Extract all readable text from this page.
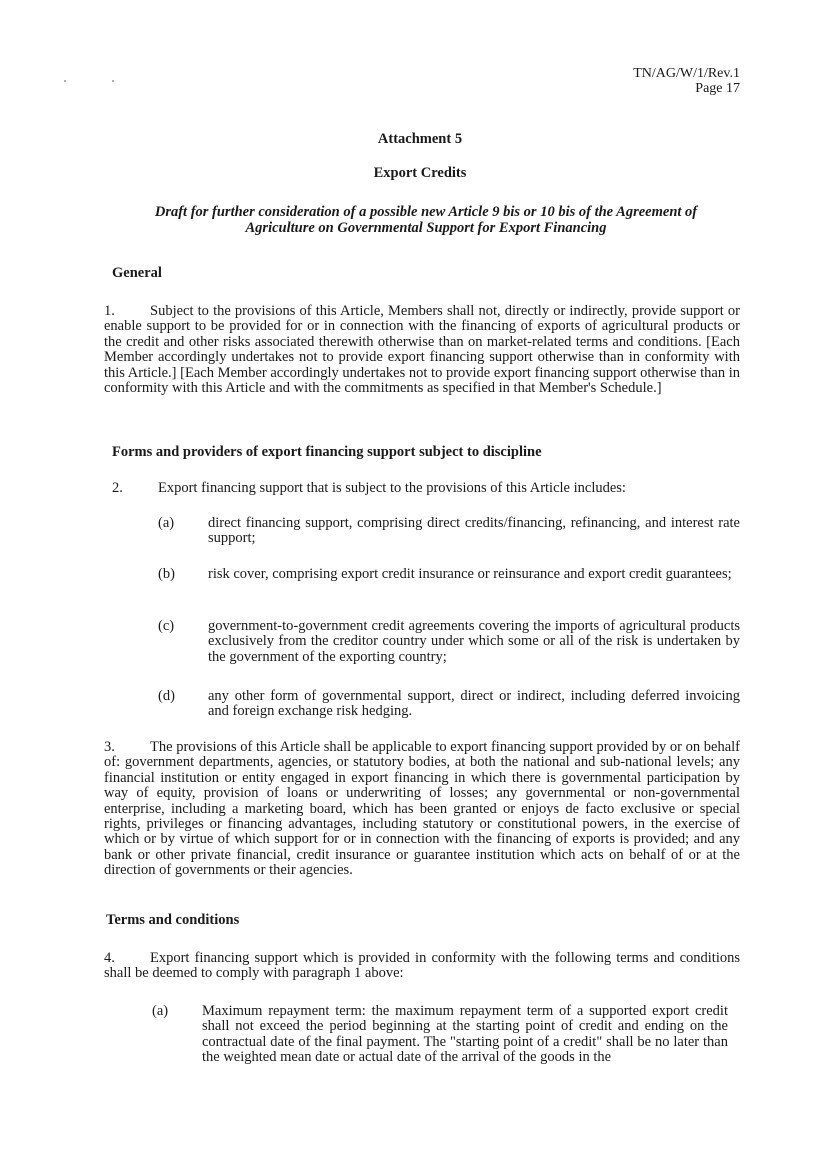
TN/AG/W/1/Rev.1
Page 17
Attachment 5
Export Credits
Draft for further consideration of a possible new Article 9 bis or 10 bis of the Agreement of Agriculture on Governmental Support for Export Financing
General
1. Subject to the provisions of this Article, Members shall not, directly or indirectly, provide support or enable support to be provided for or in connection with the financing of exports of agricultural products or the credit and other risks associated therewith otherwise than on market-related terms and conditions. [Each Member accordingly undertakes not to provide export financing support otherwise than in conformity with this Article.] [Each Member accordingly undertakes not to provide export financing support otherwise than in conformity with this Article and with the commitments as specified in that Member's Schedule.]
Forms and providers of export financing support subject to discipline
2. Export financing support that is subject to the provisions of this Article includes:
(a) direct financing support, comprising direct credits/financing, refinancing, and interest rate support;
(b) risk cover, comprising export credit insurance or reinsurance and export credit guarantees;
(c) government-to-government credit agreements covering the imports of agricultural products exclusively from the creditor country under which some or all of the risk is undertaken by the government of the exporting country;
(d) any other form of governmental support, direct or indirect, including deferred invoicing and foreign exchange risk hedging.
3. The provisions of this Article shall be applicable to export financing support provided by or on behalf of: government departments, agencies, or statutory bodies, at both the national and sub-national levels; any financial institution or entity engaged in export financing in which there is governmental participation by way of equity, provision of loans or underwriting of losses; any governmental or non-governmental enterprise, including a marketing board, which has been granted or enjoys de facto exclusive or special rights, privileges or financing advantages, including statutory or constitutional powers, in the exercise of which or by virtue of which support for or in connection with the financing of exports is provided; and any bank or other private financial, credit insurance or guarantee institution which acts on behalf of or at the direction of governments or their agencies.
Terms and conditions
4. Export financing support which is provided in conformity with the following terms and conditions shall be deemed to comply with paragraph 1 above:
(a) Maximum repayment term: the maximum repayment term of a supported export credit shall not exceed the period beginning at the starting point of credit and ending on the contractual date of the final payment. The "starting point of a credit" shall be no later than the weighted mean date or actual date of the arrival of the goods in the
